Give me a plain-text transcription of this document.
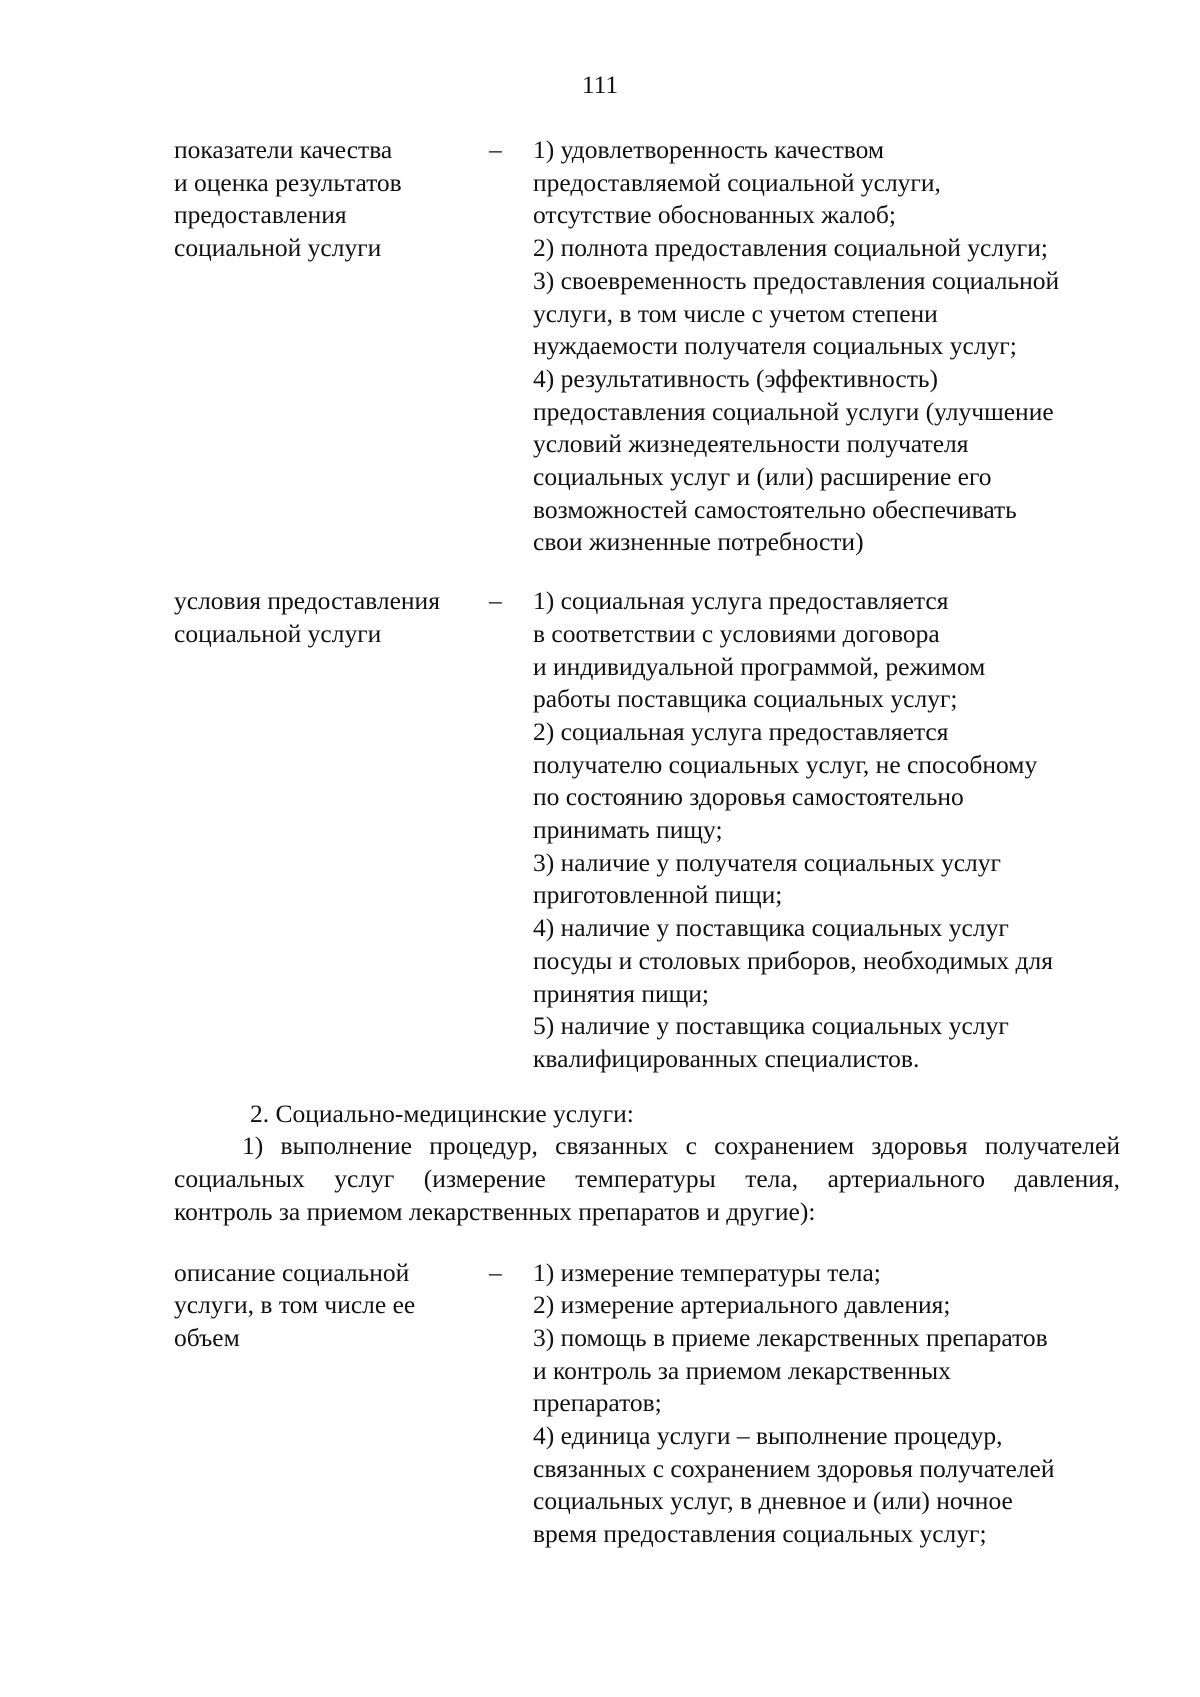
111
показатели качества
и оценка результатов
предоставления
социальной услуги
–	1) удовлетворенность качеством
предоставляемой социальной услуги,
отсутствие обоснованных жалоб;
2) полнота предоставления социальной услуги;
3) своевременность предоставления социальной
услуги, в том числе с учетом степени
нуждаемости получателя социальных услуг;
4) результативность (эффективность)
предоставления социальной услуги (улучшение
условий жизнедеятельности получателя
социальных услуг и (или) расширение его
возможностей самостоятельно обеспечивать
свои жизненные потребности)
условия предоставления
социальной услуги
–	1) социальная услуга предоставляется
в соответствии с условиями договора
и индивидуальной программой, режимом
работы поставщика социальных услуг;
2) социальная услуга предоставляется
получателю социальных услуг, не способному
по состоянию здоровья самостоятельно
принимать пищу;
3) наличие у получателя социальных услуг
приготовленной пищи;
4) наличие у поставщика социальных услуг
посуды и столовых приборов, необходимых для
принятия пищи;
5) наличие у поставщика социальных услуг
квалифицированных специалистов.
2. Социально-медицинские услуги:
1) выполнение процедур, связанных с сохранением здоровья получателей
социальных услуг (измерение температуры тела, артериального давления,
контроль за приемом лекарственных препаратов и другие):
описание социальной
услуги, в том числе ее
объем
–	1) измерение температуры тела;
2) измерение артериального давления;
3) помощь в приеме лекарственных препаратов
и контроль за приемом лекарственных
препаратов;
4) единица услуги – выполнение процедур,
связанных с сохранением здоровья получателей
социальных услуг, в дневное и (или) ночное
время предоставления социальных услуг;
